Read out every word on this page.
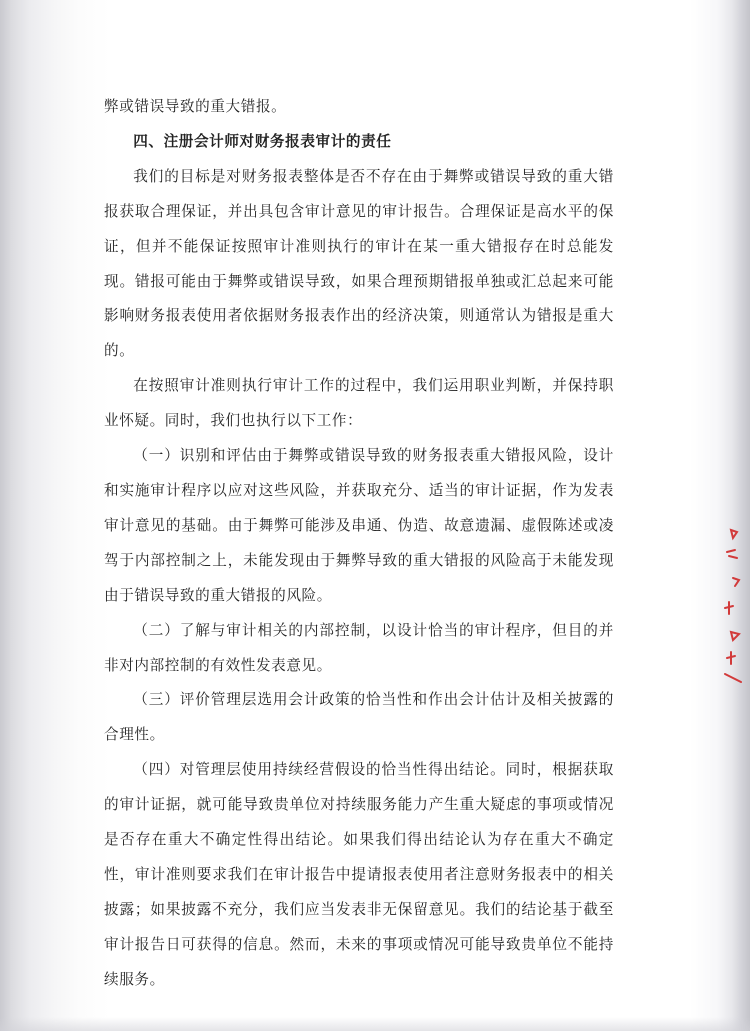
弊或错误导致的重大错报。

四、注册会计师对财务报表审计的责任

我们的目标是对财务报表整体是否不存在由于舞弊或错误导致的重大错报获取合理保证，并出具包含审计意见的审计报告。合理保证是高水平的保证，但并不能保证按照审计准则执行的审计在某一重大错报存在时总能发现。错报可能由于舞弊或错误导致，如果合理预期错报单独或汇总起来可能影响财务报表使用者依据财务报表作出的经济决策，则通常认为错报是重大的。

在按照审计准则执行审计工作的过程中，我们运用职业判断，并保持职业怀疑。同时，我们也执行以下工作：

（一）识别和评估由于舞弊或错误导致的财务报表重大错报风险，设计和实施审计程序以应对这些风险，并获取充分、适当的审计证据，作为发表审计意见的基础。由于舞弊可能涉及串通、伪造、故意遗漏、虚假陈述或凌驾于内部控制之上，未能发现由于舞弊导致的重大错报的风险高于未能发现由于错误导致的重大错报的风险。

（二）了解与审计相关的内部控制，以设计恰当的审计程序，但目的并非对内部控制的有效性发表意见。

（三）评价管理层选用会计政策的恰当性和作出会计估计及相关披露的合理性。

（四）对管理层使用持续经营假设的恰当性得出结论。同时，根据获取的审计证据，就可能导致贵单位对持续服务能力产生重大疑虑的事项或情况是否存在重大不确定性得出结论。如果我们得出结论认为存在重大不确定性，审计准则要求我们在审计报告中提请报表使用者注意财务报表中的相关披露；如果披露不充分，我们应当发表非无保留意见。我们的结论基于截至审计报告日可获得的信息。然而，未来的事项或情况可能导致贵单位不能持续服务。
